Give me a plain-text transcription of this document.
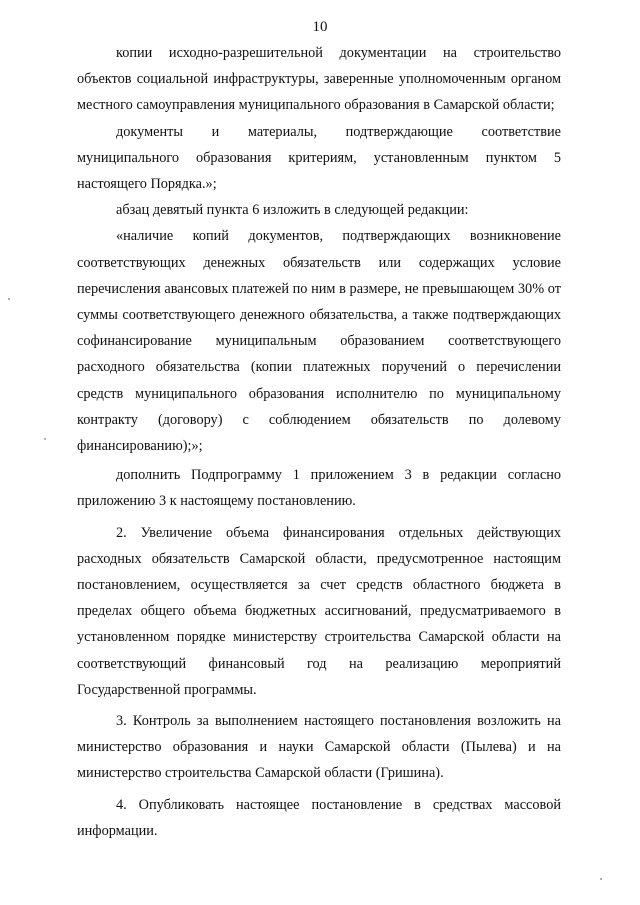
10

копии исходно-разрешительной документации на строительство объектов социальной инфраструктуры, заверенные уполномоченным органом местного самоуправления муниципального образования в Самарской области;

документы и материалы, подтверждающие соответствие муниципального образования критериям, установленным пунктом 5 настоящего Порядка.»;

абзац девятый пункта 6 изложить в следующей редакции:

«наличие копий документов, подтверждающих возникновение соответствующих денежных обязательств или содержащих условие перечисления авансовых платежей по ним в размере, не превышающем 30% от суммы соответствующего денежного обязательства, а также подтверждающих софинансирование муниципальным образованием соответствующего расходного обязательства (копии платежных поручений о перечислении средств муниципального образования исполнителю по муниципальному контракту (договору) с соблюдением обязательств по долевому финансированию);»;

дополнить Подпрограмму 1 приложением 3 в редакции согласно приложению 3 к настоящему постановлению.

2. Увеличение объема финансирования отдельных действующих расходных обязательств Самарской области, предусмотренное настоящим постановлением, осуществляется за счет средств областного бюджета в пределах общего объема бюджетных ассигнований, предусматриваемого в установленном порядке министерству строительства Самарской области на соответствующий финансовый год на реализацию мероприятий Государственной программы.

3. Контроль за выполнением настоящего постановления возложить на министерство образования и науки Самарской области (Пылева) и на министерство строительства Самарской области (Гришина).

4. Опубликовать настоящее постановление в средствах массовой информации.
